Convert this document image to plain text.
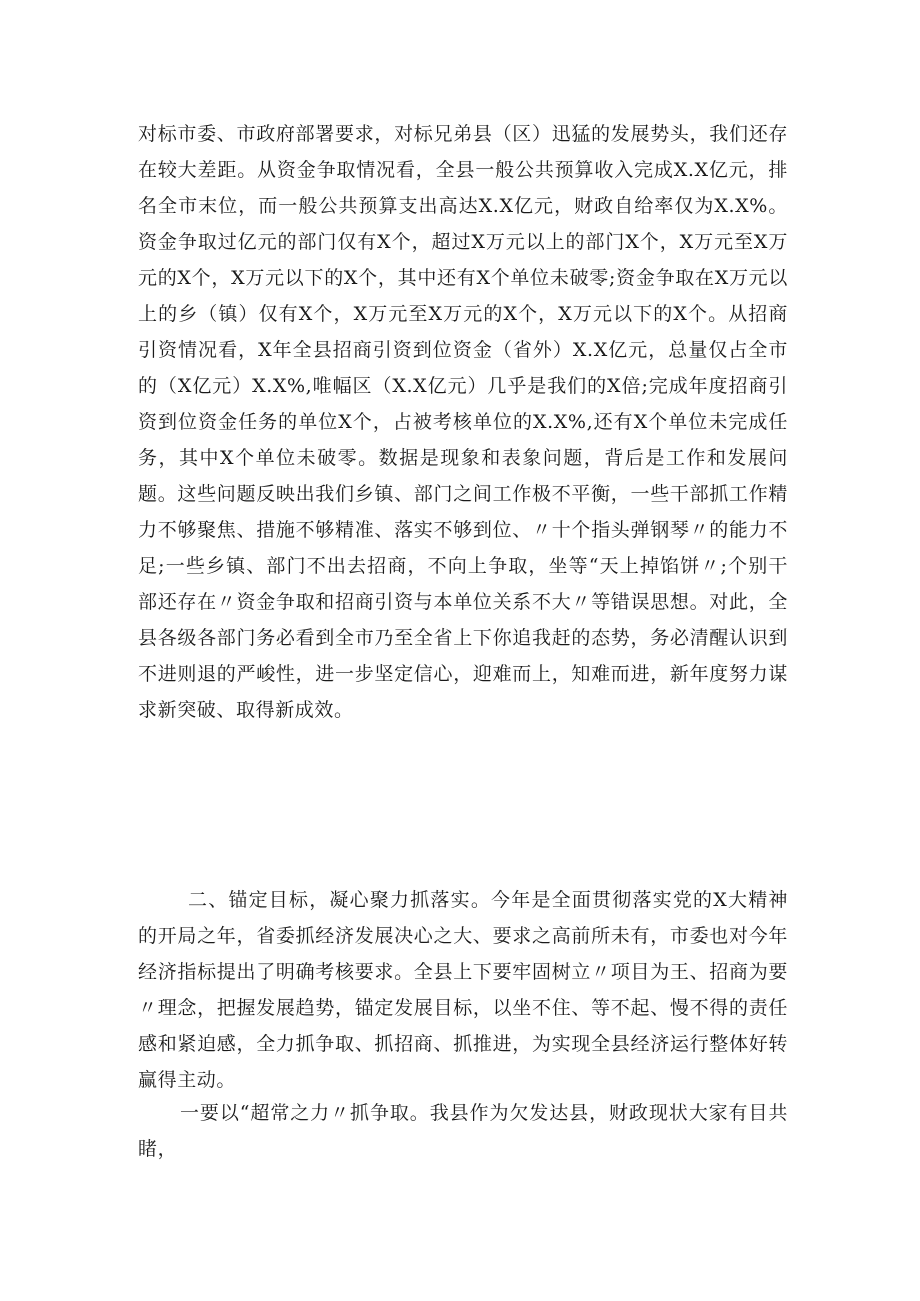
对标市委、市政府部署要求，对标兄弟县（区）迅猛的发展势头，我们还存在较大差距。从资金争取情况看，全县一般公共预算收入完成X.X亿元，排名全市末位，而一般公共预算支出高达X.X亿元，财政自给率仅为X.X%。资金争取过亿元的部门仅有X个，超过X万元以上的部门X个，X万元至X万元的X个，X万元以下的X个，其中还有X个单位未破零;资金争取在X万元以上的乡（镇）仅有X个，X万元至X万元的X个，X万元以下的X个。从招商引资情况看，X年全县招商引资到位资金（省外）X.X亿元，总量仅占全市的（X亿元）X.X%,唯幅区（X.X亿元）几乎是我们的X倍;完成年度招商引资到位资金任务的单位X个，占被考核单位的X.X%,还有X个单位未完成任务，其中X个单位未破零。数据是现象和表象问题，背后是工作和发展问题。这些问题反映出我们乡镇、部门之间工作极不平衡，一些干部抓工作精力不够聚焦、措施不够精准、落实不够到位、〃十个指头弹钢琴〃的能力不足;一些乡镇、部门不出去招商，不向上争取，坐等“天上掉馅饼〃;个别干部还存在〃资金争取和招商引资与本单位关系不大〃等错误思想。对此，全县各级各部门务必看到全市乃至全省上下你追我赶的态势，务必清醒认识到不进则退的严峻性，进一步坚定信心，迎难而上，知难而进，新年度努力谋求新突破、取得新成效。

二、锚定目标，凝心聚力抓落实。今年是全面贯彻落实党的X大精神的开局之年，省委抓经济发展决心之大、要求之高前所未有，市委也对今年经济指标提出了明确考核要求。全县上下要牢固树立〃项目为王、招商为要〃理念，把握发展趋势，锚定发展目标，以坐不住、等不起、慢不得的责任感和紧迫感，全力抓争取、抓招商、抓推进，为实现全县经济运行整体好转赢得主动。

一要以“超常之力〃抓争取。我县作为欠发达县，财政现状大家有目共睹，
